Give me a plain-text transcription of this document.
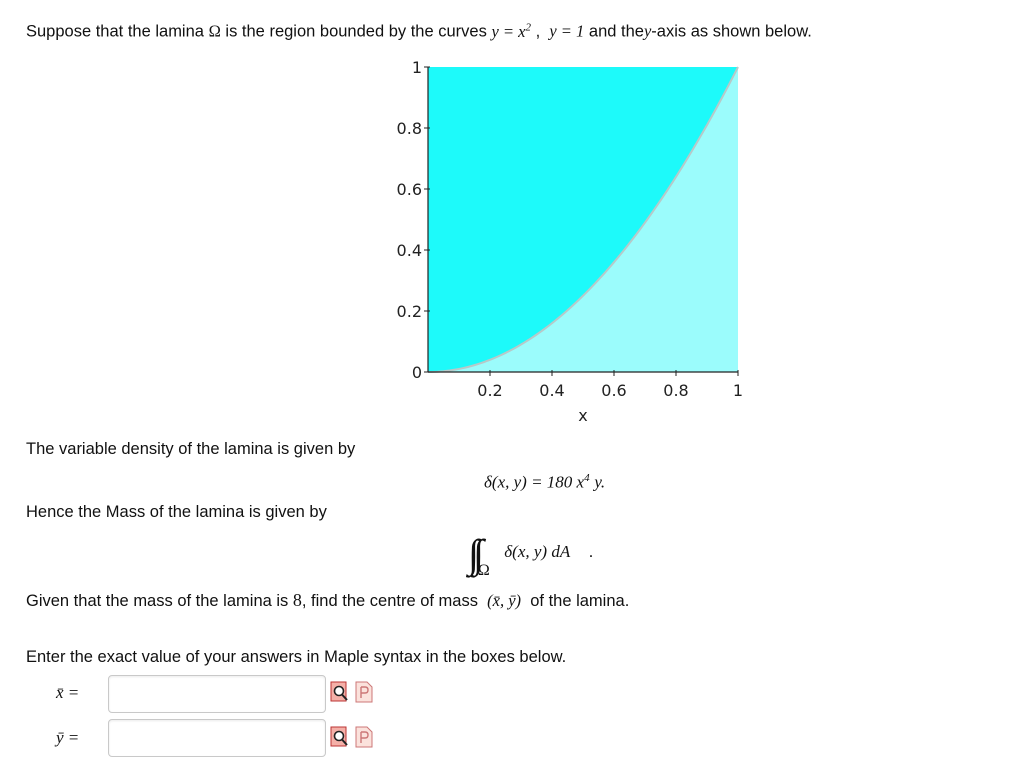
Suppose that the lamina Ω is the region bounded by the curves $y = x^2$ , y = 1 and they-axis as shown below.
0
0.2
0.4
0.6
0.8
1
0.2 0.4 0.6 0.8	1
x
The variable density of the lamina is given by
δ(x, y) = 180 $x^4$ y.
Hence the Mass of the lamina is given by
$\int\int_\Omega$ δ(x, y) dA .
Given that the mass of the lamina is 8, find the centre of mass (x̄, ȳ) of the lamina.
Enter the exact value of your answers in Maple syntax in the boxes below.
x̄ =
ȳ =
